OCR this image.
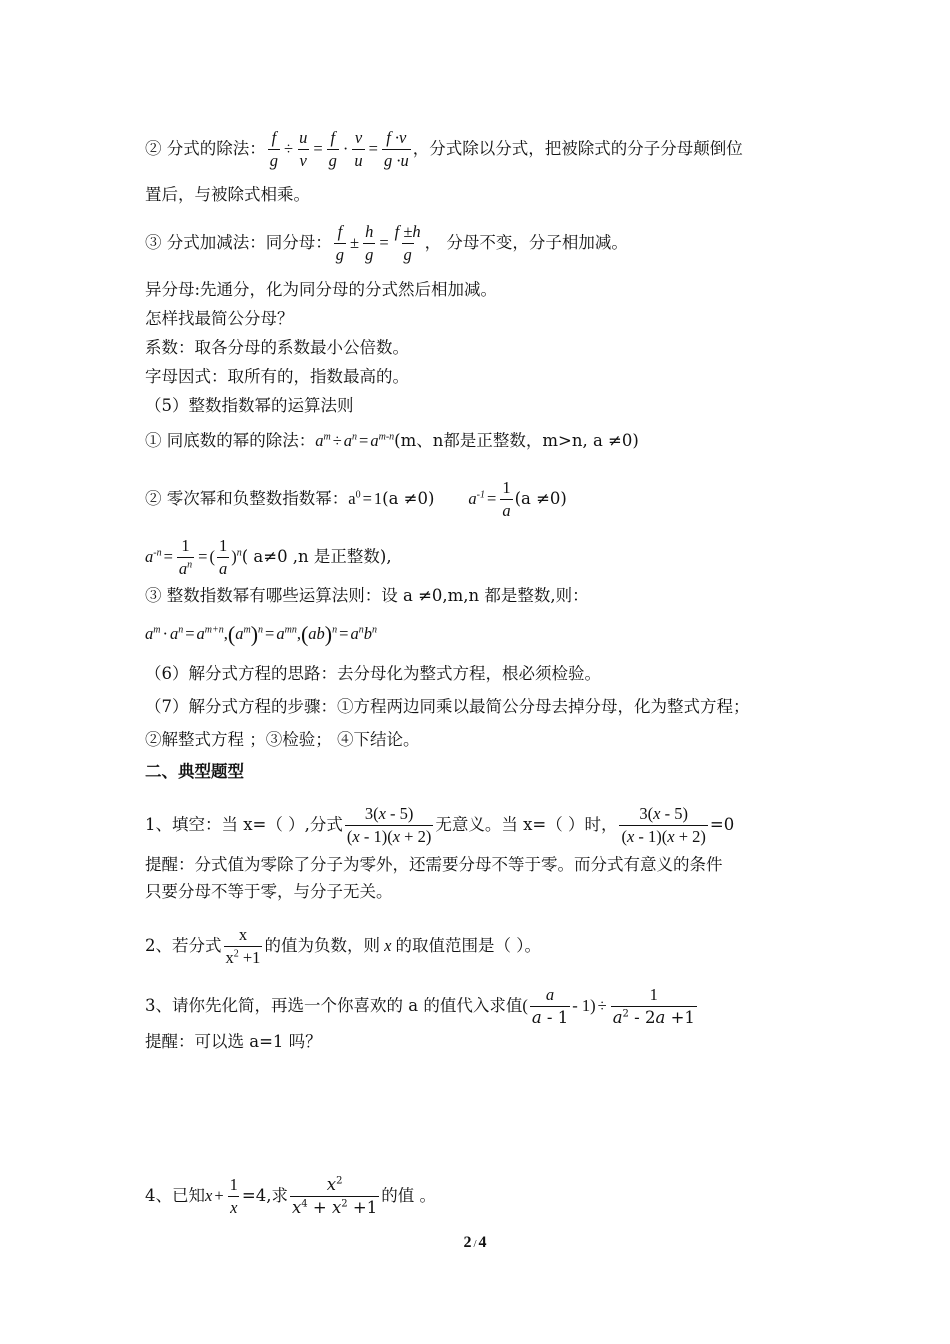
② 分式的除法： $\frac{f}{g} \div \frac{u}{v} = \frac{f}{g} \cdot \frac{v}{u} = \frac{f \cdot v}{g \cdot u}$ ，分式除以分式，把被除式的分子分母颠倒位
置后，与被除式相乘。
③ 分式加减法：同分母： $\frac{f}{g} \pm \frac{h}{g} = \frac{f \pm h}{g}$ ， 分母不变，分子相加减。
异分母:先通分，化为同分母的分式然后相加减。
怎样找最简公分母？
系数：取各分母的系数最小公倍数。
字母因式：取所有的，指数最高的。
（5）整数指数幂的运算法则
① 同底数的幂的除法：$a^m \div a^n = a^{m-n}(m$、n都是正整数，m>n, a ≠0)
② 零次幂和负整数指数幂：$a^0 = 1(a \ne 0) a^{-1} = \frac{1}{a} (a \ne 0)$
$a^{-n} = \frac{1}{a^n}$ = ( $\frac{1}{a} )^n$( a≠0 ,n 是正整数),
③ 整数指数幂有哪些运算法则：设 a ≠0,m,n 都是整数,则：
$a^m \cdot a^n = a^{m+n},(a^m)^n = a^{mn},(ab)^n = a^nb^n$
（6）解分式方程的思路：去分母化为整式方程，根必须检验。
（7）解分式方程的步骤：①方程两边同乘以最简公分母去掉分母，化为整式方程；
②解整式方程 ；③检验； ④下结论。
二、典型题型
1、填空：当 x=（ ）,分式 $\frac{3(x - 5)}{(x - 1)(x + 2)}$ 无意义。当 x=（ ）时， $\frac{3(x - 5)}{(x - 1)(x + 2)} =0$
提醒：分式值为零除了分子为零外，还需要分母不等于零。而分式有意义的条件
只要分母不等于零，与分子无关。
2、若分式 $\frac{x}{x^2 +1}$ 的值为负数，则 x 的取值范围是（ ）。
3、请你先化简，再选一个你喜欢的 a 的值代入求值( $\frac{a}{a - 1} - 1) \div \frac{1}{a^2 - 2a +1}$
提醒：可以选 a=1 吗？
4、已知$x + \frac{1}{x} =4$,求 $\frac{x^2}{x^4 + x^2 +1}$ 的值 。
2 / 4
